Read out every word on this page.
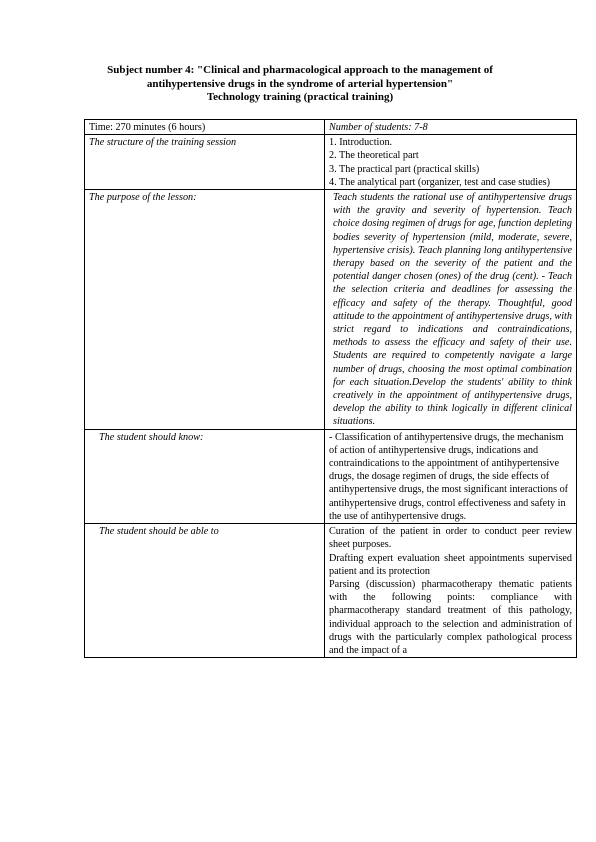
Subject number 4: "Clinical and pharmacological approach to the management of
antihypertensive drugs in the syndrome of arterial hypertension"
Technology training (practical training)
Time: 270 minutes (6 hours)	Number of students: 7-8
The structure of the training session	1. Introduction.
2. The theoretical part
3. The practical part (practical skills)
4. The analytical part (organizer, test and case studies)

The purpose of the lesson:	Teach students the rational use of antihypertensive drugs with the gravity and severity of hypertension. Teach choice dosing regimen of drugs for age, function depleting bodies severity of hypertension (mild, moderate, severe, hypertensive crisis). Teach planning long antihypertensive therapy based on the severity of the patient and the potential danger chosen (ones) of the drug (cent). - Teach the selection criteria and deadlines for assessing the efficacy and safety of the therapy. Thoughtful, good attitude to the appointment of antihypertensive drugs, with strict regard to indications and contraindications, methods to assess the efficacy and safety of their use. Students are required to competently navigate a large number of drugs, choosing the most optimal combination for each situation.Develop the students' ability to think creatively in the appointment of antihypertensive drugs, develop the ability to think logically in different clinical situations.
The student should know:	- Classification of antihypertensive drugs, the mechanism of action of antihypertensive drugs, indications and contraindications to the appointment of antihypertensive drugs, the dosage regimen of drugs, the side effects of antihypertensive drugs, the most significant interactions of antihypertensive drugs, control effectiveness and safety in the use of antihypertensive drugs.
The student should be able to	Curation of the patient in order to conduct peer review sheet purposes.
Drafting expert evaluation sheet appointments supervised patient and its protection
Parsing (discussion) pharmacotherapy thematic patients with the following points: compliance with pharmacotherapy standard treatment of this pathology, individual approach to the selection and administration of drugs with the particularly complex pathological process and the impact of a
